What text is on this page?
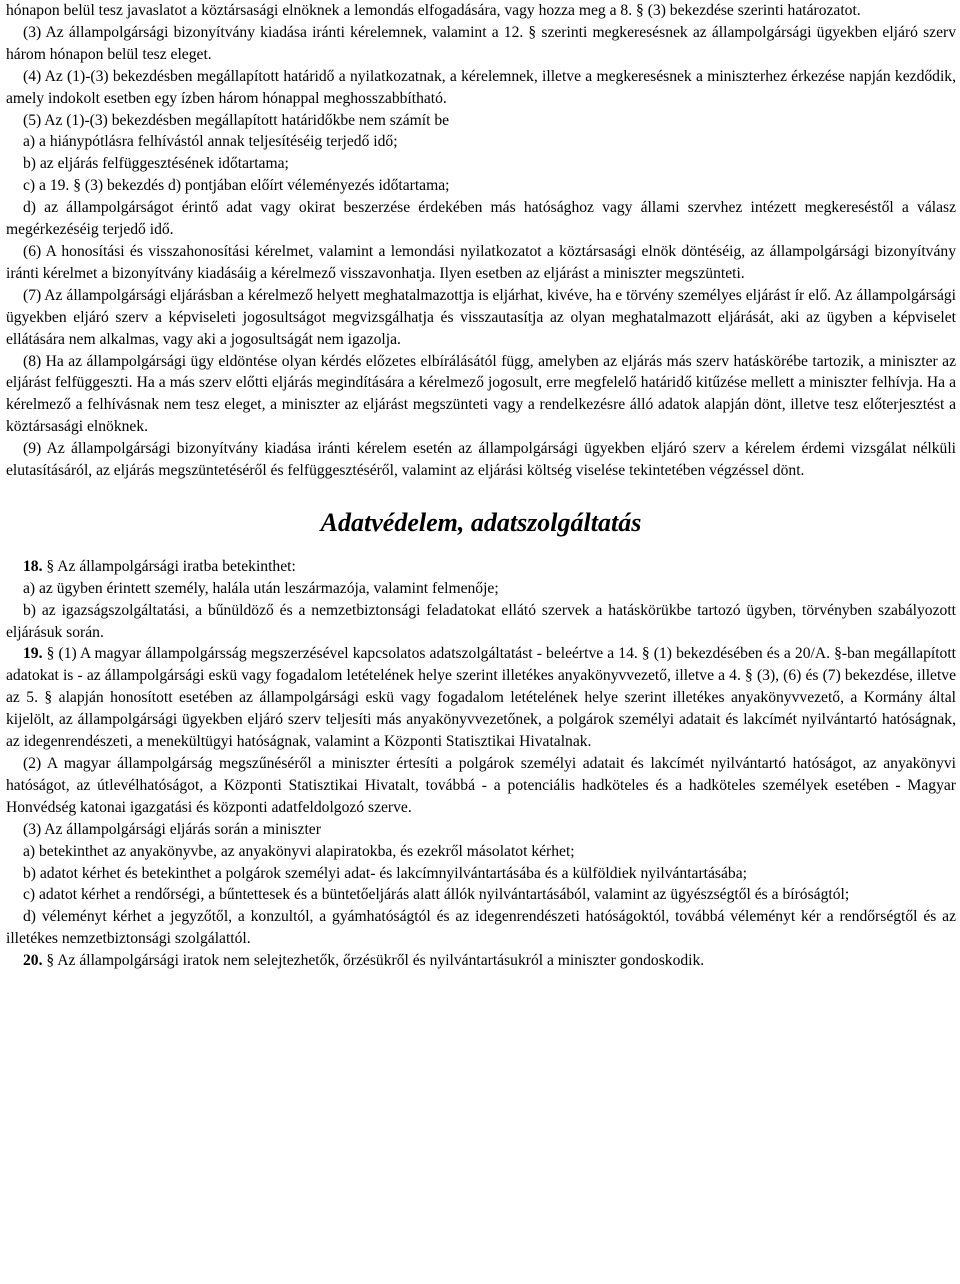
hónapon belül tesz javaslatot a köztársasági elnöknek a lemondás elfogadására, vagy hozza meg a 8. § (3) bekezdése szerinti határozatot.

(3) Az állampolgársági bizonyítvány kiadása iránti kérelemnek, valamint a 12. § szerinti megkeresésnek az állampolgársági ügyekben eljáró szerv három hónapon belül tesz eleget.

(4) Az (1)-(3) bekezdésben megállapított határidő a nyilatkozatnak, a kérelemnek, illetve a megkeresésnek a miniszterhez érkezése napján kezdődik, amely indokolt esetben egy ízben három hónappal meghosszabbítható.

(5) Az (1)-(3) bekezdésben megállapított határidőkbe nem számít be

a) a hiánypótlásra felhívástól annak teljesítéséig terjedő idő;

b) az eljárás felfüggesztésének időtartama;

c) a 19. § (3) bekezdés d) pontjában előírt véleményezés időtartama;

d) az állampolgárságot érintő adat vagy okirat beszerzése érdekében más hatósághoz vagy állami szervhez intézett megkereséstől a válasz megérkezéséig terjedő idő.

(6) A honosítási és visszahonosítási kérelmet, valamint a lemondási nyilatkozatot a köztársasági elnök döntéséig, az állampolgársági bizonyítvány iránti kérelmet a bizonyítvány kiadásáig a kérelmező visszavonhatja. Ilyen esetben az eljárást a miniszter megszünteti.

(7) Az állampolgársági eljárásban a kérelmező helyett meghatalmazottja is eljárhat, kivéve, ha e törvény személyes eljárást ír elő. Az állampolgársági ügyekben eljáró szerv a képviseleti jogosultságot megvizsgálhatja és visszautasítja az olyan meghatalmazott eljárását, aki az ügyben a képviselet ellátására nem alkalmas, vagy aki a jogosultságát nem igazolja.

(8) Ha az állampolgársági ügy eldöntése olyan kérdés előzetes elbírálásától függ, amelyben az eljárás más szerv hatáskörébe tartozik, a miniszter az eljárást felfüggeszti. Ha a más szerv előtti eljárás megindítására a kérelmező jogosult, erre megfelelő határidő kitűzése mellett a miniszter felhívja. Ha a kérelmező a felhívásnak nem tesz eleget, a miniszter az eljárást megszünteti vagy a rendelkezésre álló adatok alapján dönt, illetve tesz előterjesztést a köztársasági elnöknek.

(9) Az állampolgársági bizonyítvány kiadása iránti kérelem esetén az állampolgársági ügyekben eljáró szerv a kérelem érdemi vizsgálat nélküli elutasításáról, az eljárás megszüntetéséről és felfüggesztéséről, valamint az eljárási költség viselése tekintetében végzéssel dönt.

Adatvédelem, adatszolgáltatás

18. § Az állampolgársági iratba betekinthet:

a) az ügyben érintett személy, halála után leszármazója, valamint felmenője;

b) az igazságszolgáltatási, a bűnüldöző és a nemzetbiztonsági feladatokat ellátó szervek a hatáskörükbe tartozó ügyben, törvényben szabályozott eljárásuk során.

19. § (1) A magyar állampolgársság megszerzésével kapcsolatos adatszolgáltatást - beleértve a 14. § (1) bekezdésében és a 20/A. §-ban megállapított adatokat is - az állampolgársági eskü vagy fogadalom letételének helye szerint illetékes anyakönyvvezető, illetve a 4. § (3), (6) és (7) bekezdése, illetve az 5. § alapján honosított esetében az állampolgársági eskü vagy fogadalom letételének helye szerint illetékes anyakönyvvezető, a Kormány által kijelölt, az állampolgársági ügyekben eljáró szerv teljesíti más anyakönyvvezetőnek, a polgárok személyi adatait és lakcímét nyilvántartó hatóságnak, az idegenrendészeti, a menekültügyi hatóságnak, valamint a Központi Statisztikai Hivatalnak.

(2) A magyar állampolgárság megszűnéséről a miniszter értesíti a polgárok személyi adatait és lakcímét nyilvántartó hatóságot, az anyakönyvi hatóságot, az útlevélhatóságot, a Központi Statisztikai Hivatalt, továbbá - a potenciális hadköteles és a hadköteles személyek esetében - Magyar Honvédség katonai igazgatási és központi adatfeldolgozó szerve.

(3) Az állampolgársági eljárás során a miniszter

a) betekinthet az anyakönyvbe, az anyakönyvi alapiratokba, és ezekről másolatot kérhet;

b) adatot kérhet és betekinthet a polgárok személyi adat- és lakcímnyilvántartásába és a külföldiek nyilvántartásába;

c) adatot kérhet a rendőrségi, a bűntettesek és a büntetőeljárás alatt állók nyilvántartásából, valamint az ügyészségtől és a bíróságtól;

d) véleményt kérhet a jegyzőtől, a konzultól, a gyámhatóságtól és az idegenrendészeti hatóságoktól, továbbá véleményt kér a rendőrségtől és az illetékes nemzetbiztonsági szolgálattól.

20. § Az állampolgársági iratok nem selejtezhetők, őrzésükről és nyilvántartásukról a miniszter gondoskodik.
